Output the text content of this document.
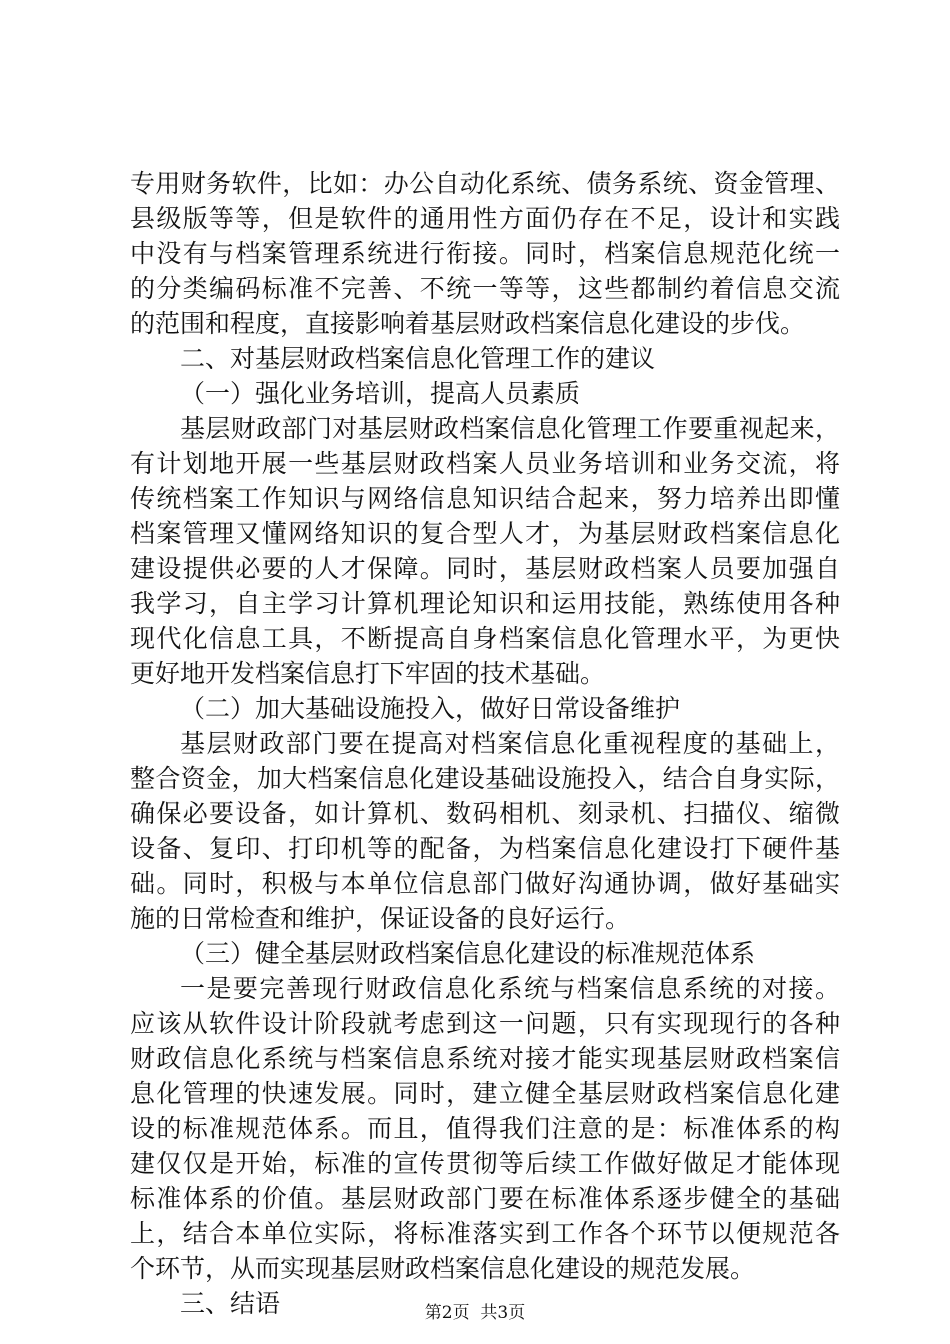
专用财务软件，比如：办公自动化系统、债务系统、资金管理、
县级版等等，但是软件的通用性方面仍存在不足，设计和实践
中没有与档案管理系统进行衔接。同时，档案信息规范化统一
的分类编码标准不完善、不统一等等，这些都制约着信息交流
的范围和程度，直接影响着基层财政档案信息化建设的步伐。
二、对基层财政档案信息化管理工作的建议
（一）强化业务培训，提高人员素质
基层财政部门对基层财政档案信息化管理工作要重视起来，
有计划地开展一些基层财政档案人员业务培训和业务交流，将
传统档案工作知识与网络信息知识结合起来，努力培养出即懂
档案管理又懂网络知识的复合型人才，为基层财政档案信息化
建设提供必要的人才保障。同时，基层财政档案人员要加强自
我学习，自主学习计算机理论知识和运用技能，熟练使用各种
现代化信息工具，不断提高自身档案信息化管理水平，为更快
更好地开发档案信息打下牢固的技术基础。
（二）加大基础设施投入，做好日常设备维护
基层财政部门要在提高对档案信息化重视程度的基础上，
整合资金，加大档案信息化建设基础设施投入，结合自身实际，
确保必要设备，如计算机、数码相机、刻录机、扫描仪、缩微
设备、复印、打印机等的配备，为档案信息化建设打下硬件基
础。同时，积极与本单位信息部门做好沟通协调，做好基础实
施的日常检查和维护，保证设备的良好运行。
（三）健全基层财政档案信息化建设的标准规范体系
一是要完善现行财政信息化系统与档案信息系统的对接。
应该从软件设计阶段就考虑到这一问题，只有实现现行的各种
财政信息化系统与档案信息系统对接才能实现基层财政档案信
息化管理的快速发展。同时，建立健全基层财政档案信息化建
设的标准规范体系。而且，值得我们注意的是：标准体系的构
建仅仅是开始，标准的宣传贯彻等后续工作做好做足才能体现
标准体系的价值。基层财政部门要在标准体系逐步健全的基础
上，结合本单位实际，将标准落实到工作各个环节以便规范各
个环节，从而实现基层财政档案信息化建设的规范发展。
三、结语	第2页  共3页
